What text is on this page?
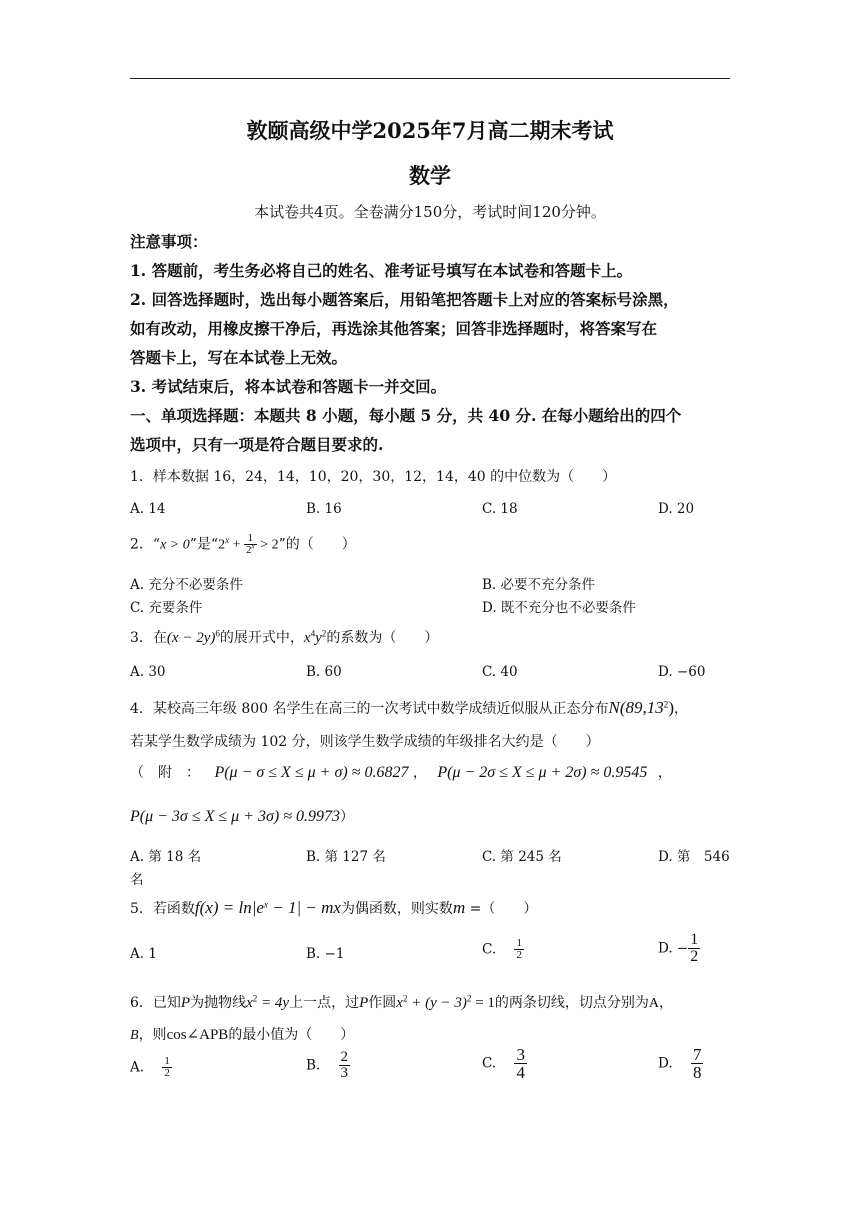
敦颐高级中学2025年7月高二期末考试
数学
本试卷共4页。全卷满分150分，考试时间120分钟。
注意事项：
1. 答题前，考生务必将自己的姓名、准考证号填写在本试卷和答题卡上。
2. 回答选择题时，选出每小题答案后，用铅笔把答题卡上对应的答案标号涂黑，
如有改动，用橡皮擦干净后，再选涂其他答案；回答非选择题时，将答案写在
答题卡上，写在本试卷上无效。
3. 考试结束后，将本试卷和答题卡一并交回。
一、单项选择题：本题共 8 小题，每小题 5 分，共 40 分. 在每小题给出的四个
选项中，只有一项是符合题目要求的.
1．样本数据 16，24，14，10，20，30，12，14，40 的中位数为（　　）
A. 14	B. 16	C. 18	D. 20
2．“x > 0”是“$2^x + \frac{1}{2^x} > 2$”的（　　）
A. 充分不必要条件	B. 必要不充分条件
C. 充要条件	D. 既不充分也不必要条件
3．在$(x - 2y)^6$的展开式中，$x^4y^2$的系数为（　　）
A. 30	B. 60	C. 40	D. −60
4．某校高三年级 800 名学生在高三的一次考试中数学成绩近似服从正态分布N(89,13$^2$)，
若某学生数学成绩为 102 分，则该学生数学成绩的年级排名大约是（　　）
（　附　： P(μ − σ ≤ X ≤ μ + σ) ≈ 0.6827 ， P(μ − 2σ ≤ X ≤ μ + 2σ) ≈ 0.9545 ，
P(μ − 3σ ≤ X ≤ μ + 3σ) ≈ 0.9973）
A. 第 18 名	B. 第 127 名	C. 第 245 名	D. 第　546
名
5．若函数$f(x) = \ln|e^x - 1|$ − mx为偶函数，则实数m =（　　）
A. 1	B. −1	C. $\frac{1}{2}$	D. − $\frac{1}{2}$
6．已知P为抛物线$x^2 = 4y$上一点，过P作圆$x^2 + (y - 3)^2 = 1$的两条切线，切点分别为A，
B，则cos∠APB的最小值为（　　）
A. $\frac{1}{2}$	B. $\frac{2}{3}$	C. $\frac{3}{4}$	D. $\frac{7}{8}$
